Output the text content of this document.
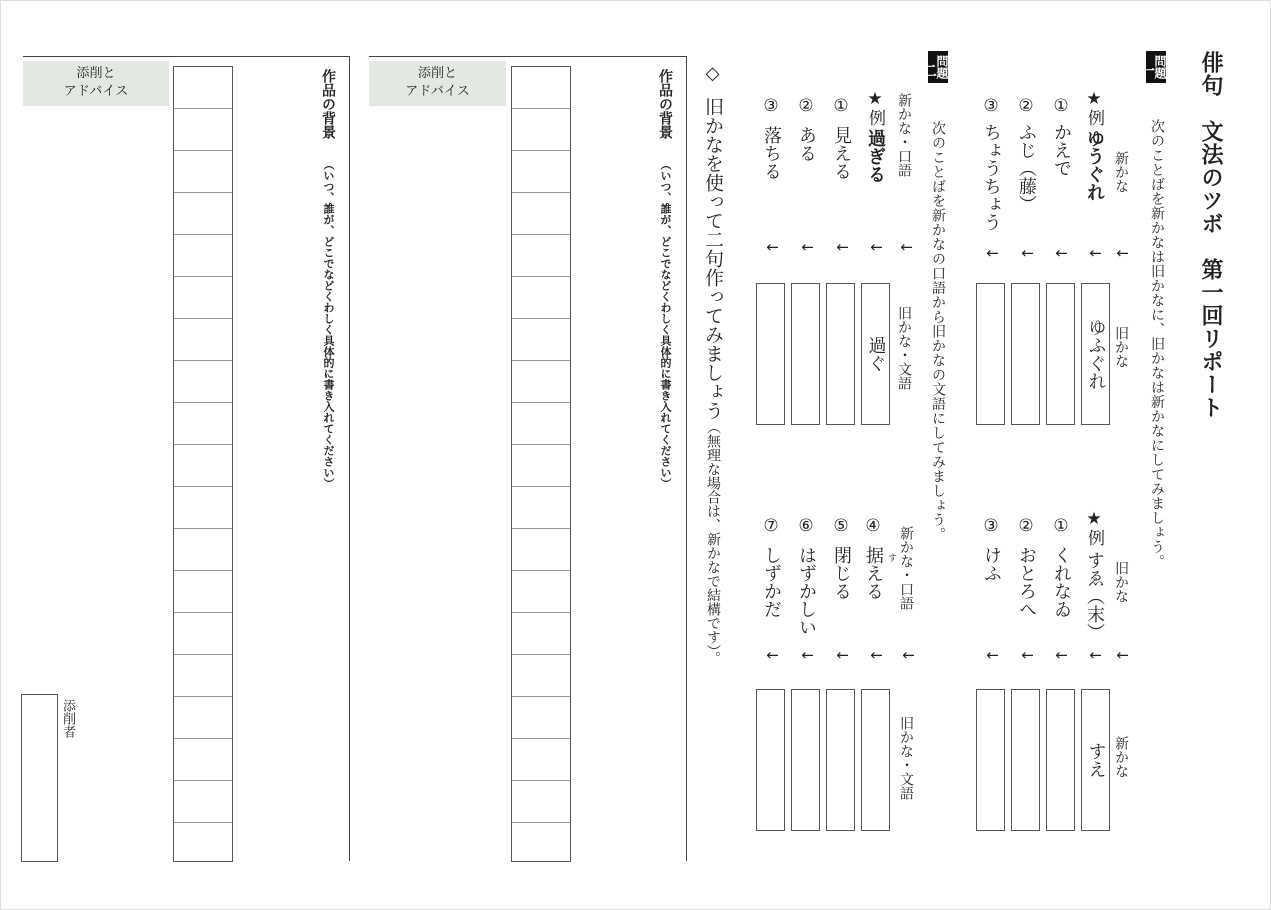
俳句　文法のツボ　第一回リポート
問題
一
次のことばを新かなは旧かなに、旧かなは新かなにしてみましょう。
新かな
旧かな
★例
ゆうぐれ
①
かえで
②
ふじ（藤）
③
ちょうちょう
↓
↓
↓
↓
↓
ゆふぐれ
旧かな
新かな
★例
すゑ（末）
①
くれなゐ
②
おとろへ
③
けふ
↓
↓
↓
↓
↓
すえ
問題
二
次のことばを新かなの口語から旧かなの文語にしてみましょう。
新かな・口語
旧かな・文語
★例
過ぎる
①
見える
②
ある
③
落ちる
↓
↓
↓
↓
↓
過ぐ
新かな・口語
旧かな・文語
④
据える す
⑤
閉じる
⑥
はずかしい
⑦
しずかだ
↓
↓
↓
↓
↓
◇
旧かなを使って二句作ってみましょう（無理な場合は、新かなで結構です）。
作品の背景
（いつ、誰が、どこでなどくわしく具体的に書き入れてください）
添削と
アドバイス
作品の背景
（いつ、誰が、どこでなどくわしく具体的に書き入れてください）
添削と
アドバイス
添削者
